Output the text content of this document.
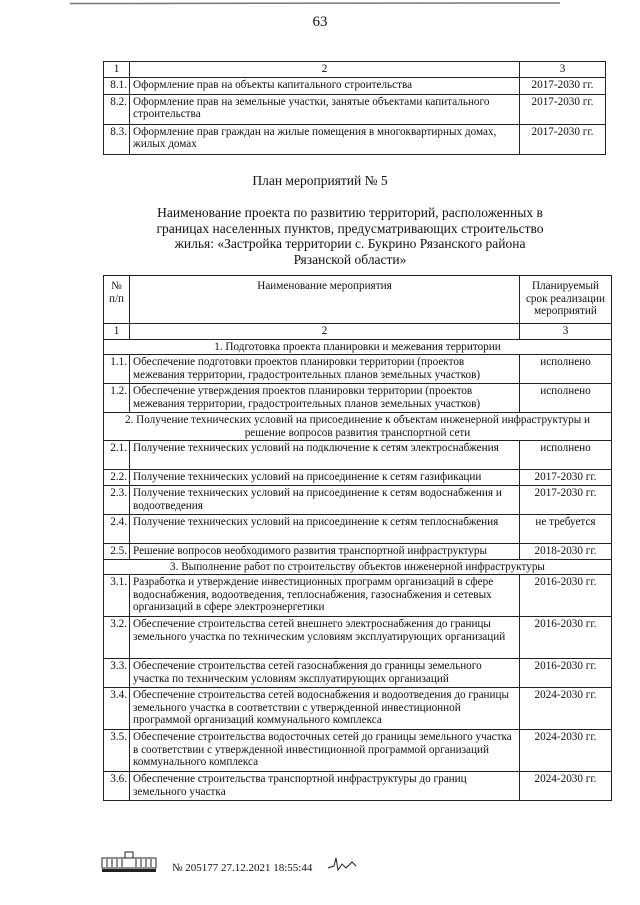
63
1	2	3
8.1.	Оформление прав на объекты капитального строительства	2017-2030 гг.
8.2.	Оформление прав на земельные участки, занятые объектами капитального строительства	2017-2030 гг.
8.3.	Оформление прав граждан на жилые помещения в многоквартирных домах, жилых домах	2017-2030 гг.
План мероприятий № 5
Наименование проекта по развитию территорий, расположенных в границах населенных пунктов, предусматривающих строительство жилья: «Застройка территории с. Букрино Рязанского района Рязанской области»
№ п/п	Наименование мероприятия	Планируемый срок реализации мероприятий
1	2	3
1. Подготовка проекта планировки и межевания территории		
1.1.	Обеспечение подготовки проектов планировки территории (проектов межевания территории, градостроительных планов земельных участков)	исполнено
1.2.	Обеспечение утверждения проектов планировки территории (проектов межевания территории, градостроительных планов земельных участков)	исполнено
2. Получение технических условий на присоединение к объектам инженерной инфраструктуры и решение вопросов развития транспортной сети		
2.1.	Получение технических условий на подключение к сетям электроснабжения	исполнено
2.2.	Получение технических условий на присоединение к сетям газификации	2017-2030 гг.
2.3.	Получение технических условий на присоединение к сетям водоснабжения и водоотведения	2017-2030 гг.
2.4.	Получение технических условий на присоединение к сетям теплоснабжения	не требуется
2.5.	Решение вопросов необходимого развития транспортной инфраструктуры	2018-2030 гг.
3. Выполнение работ по строительству объектов инженерной инфраструктуры		
3.1.	Разработка и утверждение инвестиционных программ организаций в сфере водоснабжения, водоотведения, теплоснабжения, газоснабжения и сетевых организаций в сфере электроэнергетики	2016-2030 гг.
3.2.	Обеспечение строительства сетей внешнего электроснабжения до границы земельного участка по техническим условиям эксплуатирующих организаций	2016-2030 гг.
3.3.	Обеспечение строительства сетей газоснабжения до границы земельного участка по техническим условиям эксплуатирующих организаций	2016-2030 гг.
3.4.	Обеспечение строительства сетей водоснабжения и водоотведения до границы земельного участка в соответствии с утвержденной инвестиционной программой организаций коммунального комплекса	2024-2030 гг.
3.5.	Обеспечение строительства водосточных сетей до границы земельного участка в соответствии с утвержденной инвестиционной программой организаций коммунального комплекса	2024-2030 гг.
3.6.	Обеспечение строительства транспортной инфраструктуры до границ земельного участка	2024-2030 гг.
№ 205177 27.12.2021 18:55:44
